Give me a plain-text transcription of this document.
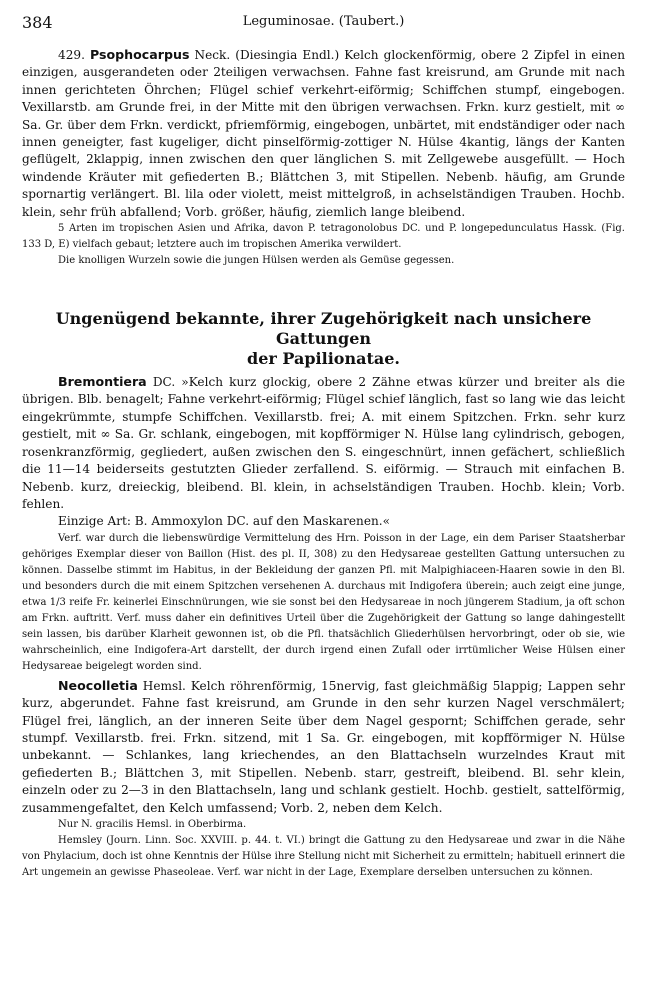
384	Leguminosae. (Taubert.)

429. Psophocarpus Neck. (Diesingia Endl.) Kelch glockenförmig, obere 2 Zipfel in einen einzigen, ausgerandeten oder 2teiligen verwachsen. Fahne fast kreisrund, am Grunde mit nach innen gerichteten Öhrchen; Flügel schief verkehrt-eiförmig; Schiffchen stumpf, eingebogen. Vexillarstb. am Grunde frei, in der Mitte mit den übrigen verwachsen. Frkn. kurz gestielt, mit ∞ Sa. Gr. über dem Frkn. verdickt, pfriemförmig, eingebogen, unbärtet, mit endständiger oder nach innen geneigter, fast kugeliger, dicht pinselförmig-zottiger N. Hülse 4kantig, längs der Kanten geflügelt, 2klappig, innen zwischen den quer länglichen S. mit Zellgewebe ausgefüllt. — Hoch windende Kräuter mit gefiederten B.; Blättchen 3, mit Stipellen. Nebenb. häufig, am Grunde spornartig verlängert. Bl. lila oder violett, meist mittelgroß, in achselständigen Trauben. Hochb. klein, sehr früh abfallend; Vorb. größer, häufig, ziemlich lange bleibend.

5 Arten im tropischen Asien und Afrika, davon P. tetragonolobus DC. und P. longepedunculatus Hassk. (Fig. 133 D, E) vielfach gebaut; letztere auch im tropischen Amerika verwildert.

Die knolligen Wurzeln sowie die jungen Hülsen werden als Gemüse gegessen.

Ungenügend bekannte, ihrer Zugehörigkeit nach unsichere Gattungen

der Papilionatae.

Bremontiera DC. »Kelch kurz glockig, obere 2 Zähne etwas kürzer und breiter als die übrigen. Blb. benagelt; Fahne verkehrt-eiförmig; Flügel schief länglich, fast so lang wie das leicht eingekrümmte, stumpfe Schiffchen. Vexillarstb. frei; A. mit einem Spitzchen. Frkn. sehr kurz gestielt, mit ∞ Sa. Gr. schlank, eingebogen, mit kopfförmiger N. Hülse lang cylindrisch, gebogen, rosenkranzförmig, gegliedert, außen zwischen den S. eingeschnürt, innen gefächert, schließlich die 11—14 beiderseits gestutzten Glieder zerfallend. S. eiförmig. — Strauch mit einfachen B. Nebenb. kurz, dreieckig, bleibend. Bl. klein, in achselständigen Trauben. Hochb. klein; Vorb. fehlen.

Einzige Art: B. Ammoxylon DC. auf den Maskarenen.«

Verf. war durch die liebenswürdige Vermittelung des Hrn. Poisson in der Lage, ein dem Pariser Staatsherbar gehöriges Exemplar dieser von Baillon (Hist. des pl. II, 308) zu den Hedysareae gestellten Gattung untersuchen zu können. Dasselbe stimmt im Habitus, in der Bekleidung der ganzen Pfl. mit Malpighiaceen-Haaren sowie in den Bl. und besonders durch die mit einem Spitzchen versehenen A. durchaus mit Indigofera überein; auch zeigt eine junge, etwa 1/3 reife Fr. keinerlei Einschnürungen, wie sie sonst bei den Hedysareae in noch jüngerem Stadium, ja oft schon am Frkn. auftritt. Verf. muss daher ein definitives Urteil über die Zugehörigkeit der Gattung so lange dahingestellt sein lassen, bis darüber Klarheit gewonnen ist, ob die Pfl. thatsächlich Gliederhülsen hervorbringt, oder ob sie, wie wahrscheinlich, eine Indigofera-Art darstellt, der durch irgend einen Zufall oder irrtümlicher Weise Hülsen einer Hedysareae beigelegt worden sind.

Neocolletia Hemsl. Kelch röhrenförmig, 15nervig, fast gleichmäßig 5lappig; Lappen sehr kurz, abgerundet. Fahne fast kreisrund, am Grunde in den sehr kurzen Nagel verschmälert; Flügel frei, länglich, an der inneren Seite über dem Nagel gespornt; Schiffchen gerade, sehr stumpf. Vexillarstb. frei. Frkn. sitzend, mit 1 Sa. Gr. eingebogen, mit kopfförmiger N. Hülse unbekannt. — Schlankes, lang kriechendes, an den Blattachseln wurzelndes Kraut mit gefiederten B.; Blättchen 3, mit Stipellen. Nebenb. starr, gestreift, bleibend. Bl. sehr klein, einzeln oder zu 2—3 in den Blattachseln, lang und schlank gestielt. Hochb. gestielt, sattelförmig, zusammengefaltet, den Kelch umfassend; Vorb. 2, neben dem Kelch.

Nur N. gracilis Hemsl. in Oberbirma.

Hemsley (Journ. Linn. Soc. XXVIII. p. 44. t. VI.) bringt die Gattung zu den Hedysareae und zwar in die Nähe von Phylacium, doch ist ohne Kenntnis der Hülse ihre Stellung nicht mit Sicherheit zu ermitteln; habituell erinnert die Art ungemein an gewisse Phaseoleae. Verf. war nicht in der Lage, Exemplare derselben untersuchen zu können.
